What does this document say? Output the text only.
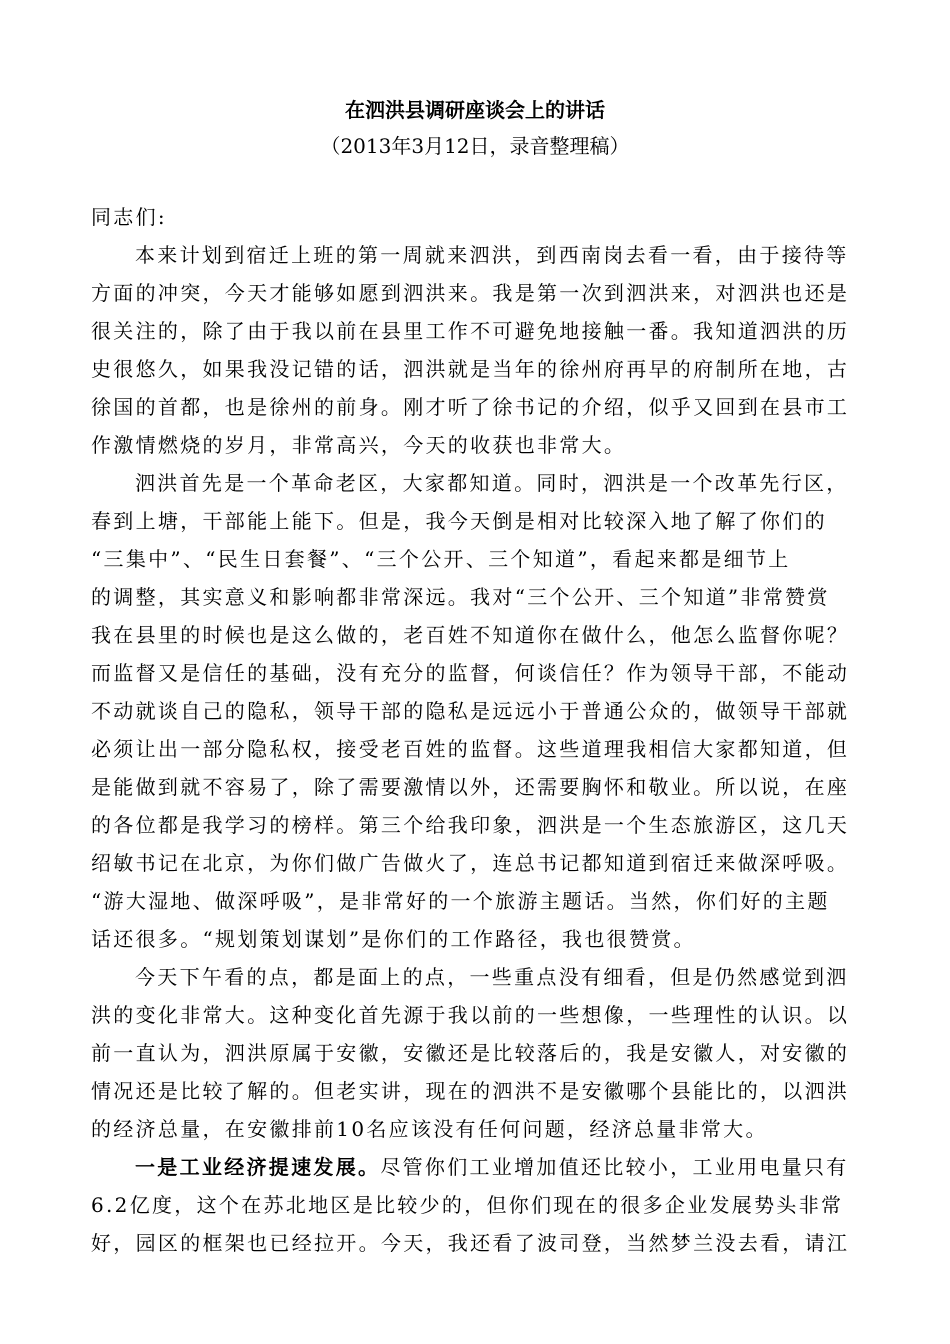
在泗洪县调研座谈会上的讲话
（2013年3月12日，录音整理稿）
同志们:
本来计划到宿迁上班的第一周就来泗洪，到西南岗去看一看，由于接待等
方面的冲突，今天才能够如愿到泗洪来。我是第一次到泗洪来，对泗洪也还是
很关注的，除了由于我以前在县里工作不可避免地接触一番。我知道泗洪的历
史很悠久，如果我没记错的话，泗洪就是当年的徐州府再早的府制所在地，古
徐国的首都，也是徐州的前身。刚才听了徐书记的介绍，似乎又回到在县市工
作激情燃烧的岁月，非常高兴，今天的收获也非常大。
泗洪首先是一个革命老区，大家都知道。同时，泗洪是一个改革先行区，
春到上塘，干部能上能下。但是，我今天倒是相对比较深入地了解了你们的
“三集中”、“民生日套餐”、“三个公开、三个知道”，看起来都是细节上
的调整，其实意义和影响都非常深远。我对“三个公开、三个知道”非常赞赏
我在县里的时候也是这么做的，老百姓不知道你在做什么，他怎么监督你呢？
而监督又是信任的基础，没有充分的监督，何谈信任？作为领导干部，不能动
不动就谈自己的隐私，领导干部的隐私是远远小于普通公众的，做领导干部就
必须让出一部分隐私权，接受老百姓的监督。这些道理我相信大家都知道，但
是能做到就不容易了，除了需要激情以外，还需要胸怀和敬业。所以说，在座
的各位都是我学习的榜样。第三个给我印象，泗洪是一个生态旅游区，这几天
绍敏书记在北京，为你们做广告做火了，连总书记都知道到宿迁来做深呼吸。
“游大湿地、做深呼吸”，是非常好的一个旅游主题话。当然，你们好的主题
话还很多。“规划策划谋划”是你们的工作路径，我也很赞赏。
今天下午看的点，都是面上的点，一些重点没有细看，但是仍然感觉到泗
洪的变化非常大。这种变化首先源于我以前的一些想像，一些理性的认识。以
前一直认为，泗洪原属于安徽，安徽还是比较落后的，我是安徽人，对安徽的
情况还是比较了解的。但老实讲，现在的泗洪不是安徽哪个县能比的，以泗洪
的经济总量，在安徽排前10名应该没有任何问题，经济总量非常大。
一是工业经济提速发展。尽管你们工业增加值还比较小，工业用电量只有
6.2亿度，这个在苏北地区是比较少的，但你们现在的很多企业发展势头非常
好，园区的框架也已经拉开。今天，我还看了波司登，当然梦兰没去看，请江
